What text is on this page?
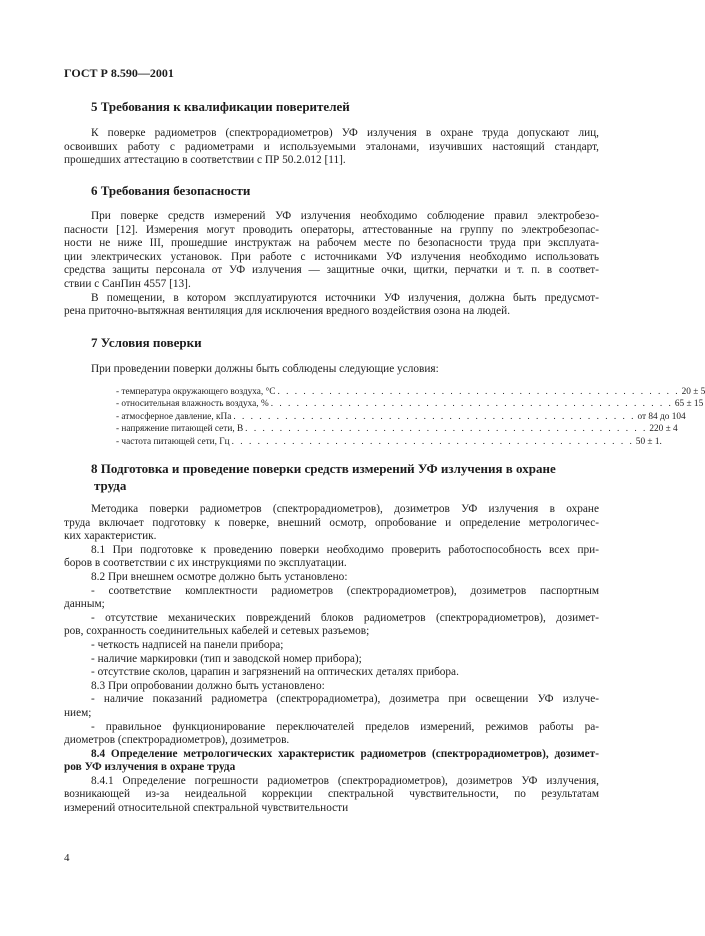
ГОСТ Р 8.590—2001
5 Требования к квалификации поверителей
К поверке радиометров (спектрорадиометров) УФ излучения в охране труда допускают лиц,
освоивших работу с радиометрами и используемыми эталонами, изучивших настоящий стандарт,
прошедших аттестацию в соответствии с ПР 50.2.012 [11].
6 Требования безопасности
При поверке средств измерений УФ излучения необходимо соблюдение правил электробезо-
пасности [12]. Измерения могут проводить операторы, аттестованные на группу по электробезопас-
ности не ниже III, прошедшие инструктаж на рабочем месте по безопасности труда при эксплуата-
ции электрических установок. При работе с источниками УФ излучения необходимо использовать
средства защиты персонала от УФ излучения — защитные очки, щитки, перчатки и т. п. в соответ-
ствии с СанПин 4557 [13].
В помещении, в котором эксплуатируются источники УФ излучения, должна быть предусмот-
рена приточно-вытяжная вентиляция для исключения вредного воздействия озона на людей.
7 Условия поверки
При проведении поверки должны быть соблюдены следующие условия:
- температура окружающего воздуха, °С . . . . . . . . . . . . . . . . . . . . . . . . . . . . . . . . . . . . . . . . . . . . . . . 20 ± 5
- относительная влажность воздуха, % . . . . . . . . . . . . . . . . . . . . . . . . . . . . . . . . . . . . . . . . . . . . . . . 65 ± 15
- атмосферное давление, кПа . . . . . . . . . . . . . . . . . . . . . . . . . . . . . . . . . . . . . . . . . . . . . . . от 84 до 104
- напряжение питающей сети, В . . . . . . . . . . . . . . . . . . . . . . . . . . . . . . . . . . . . . . . . . . . . . . . 220 ± 4
- частота питающей сети, Гц . . . . . . . . . . . . . . . . . . . . . . . . . . . . . . . . . . . . . . . . . . . . . . . 50 ± 1.
8 Подготовка и проведение поверки средств измерений УФ излучения в охране
труда
Методика поверки радиометров (спектрорадиометров), дозиметров УФ излучения в охране
труда включает подготовку к поверке, внешний осмотр, опробование и определение метрологичес-
ких характеристик.
8.1 При подготовке к проведению поверки необходимо проверить работоспособность всех при-
боров в соответствии с их инструкциями по эксплуатации.
8.2 При внешнем осмотре должно быть установлено:
- соответствие комплектности радиометров (спектрорадиометров), дозиметров паспортным
данным;
- отсутствие механических повреждений блоков радиометров (спектрорадиометров), дозимет-
ров, сохранность соединительных кабелей и сетевых разъемов;
- четкость надписей на панели прибора;
- наличие маркировки (тип и заводской номер прибора);
- отсутствие сколов, царапин и загрязнений на оптических деталях прибора.
8.3 При опробовании должно быть установлено:
- наличие показаний радиометра (спектрорадиометра), дозиметра при освещении УФ излуче-
нием;
- правильное функционирование переключателей пределов измерений, режимов работы ра-
диометров (спектрорадиометров), дозиметров.
8.4 Определение метрологических характеристик радиометров (спектрорадиометров), дозимет-
ров УФ излучения в охране труда
8.4.1 Определение погрешности радиометров (спектрорадиометров), дозиметров УФ излучения,
возникающей из-за неидеальной коррекции спектральной чувствительности, по результатам
измерений относительной спектральной чувствительности
4
